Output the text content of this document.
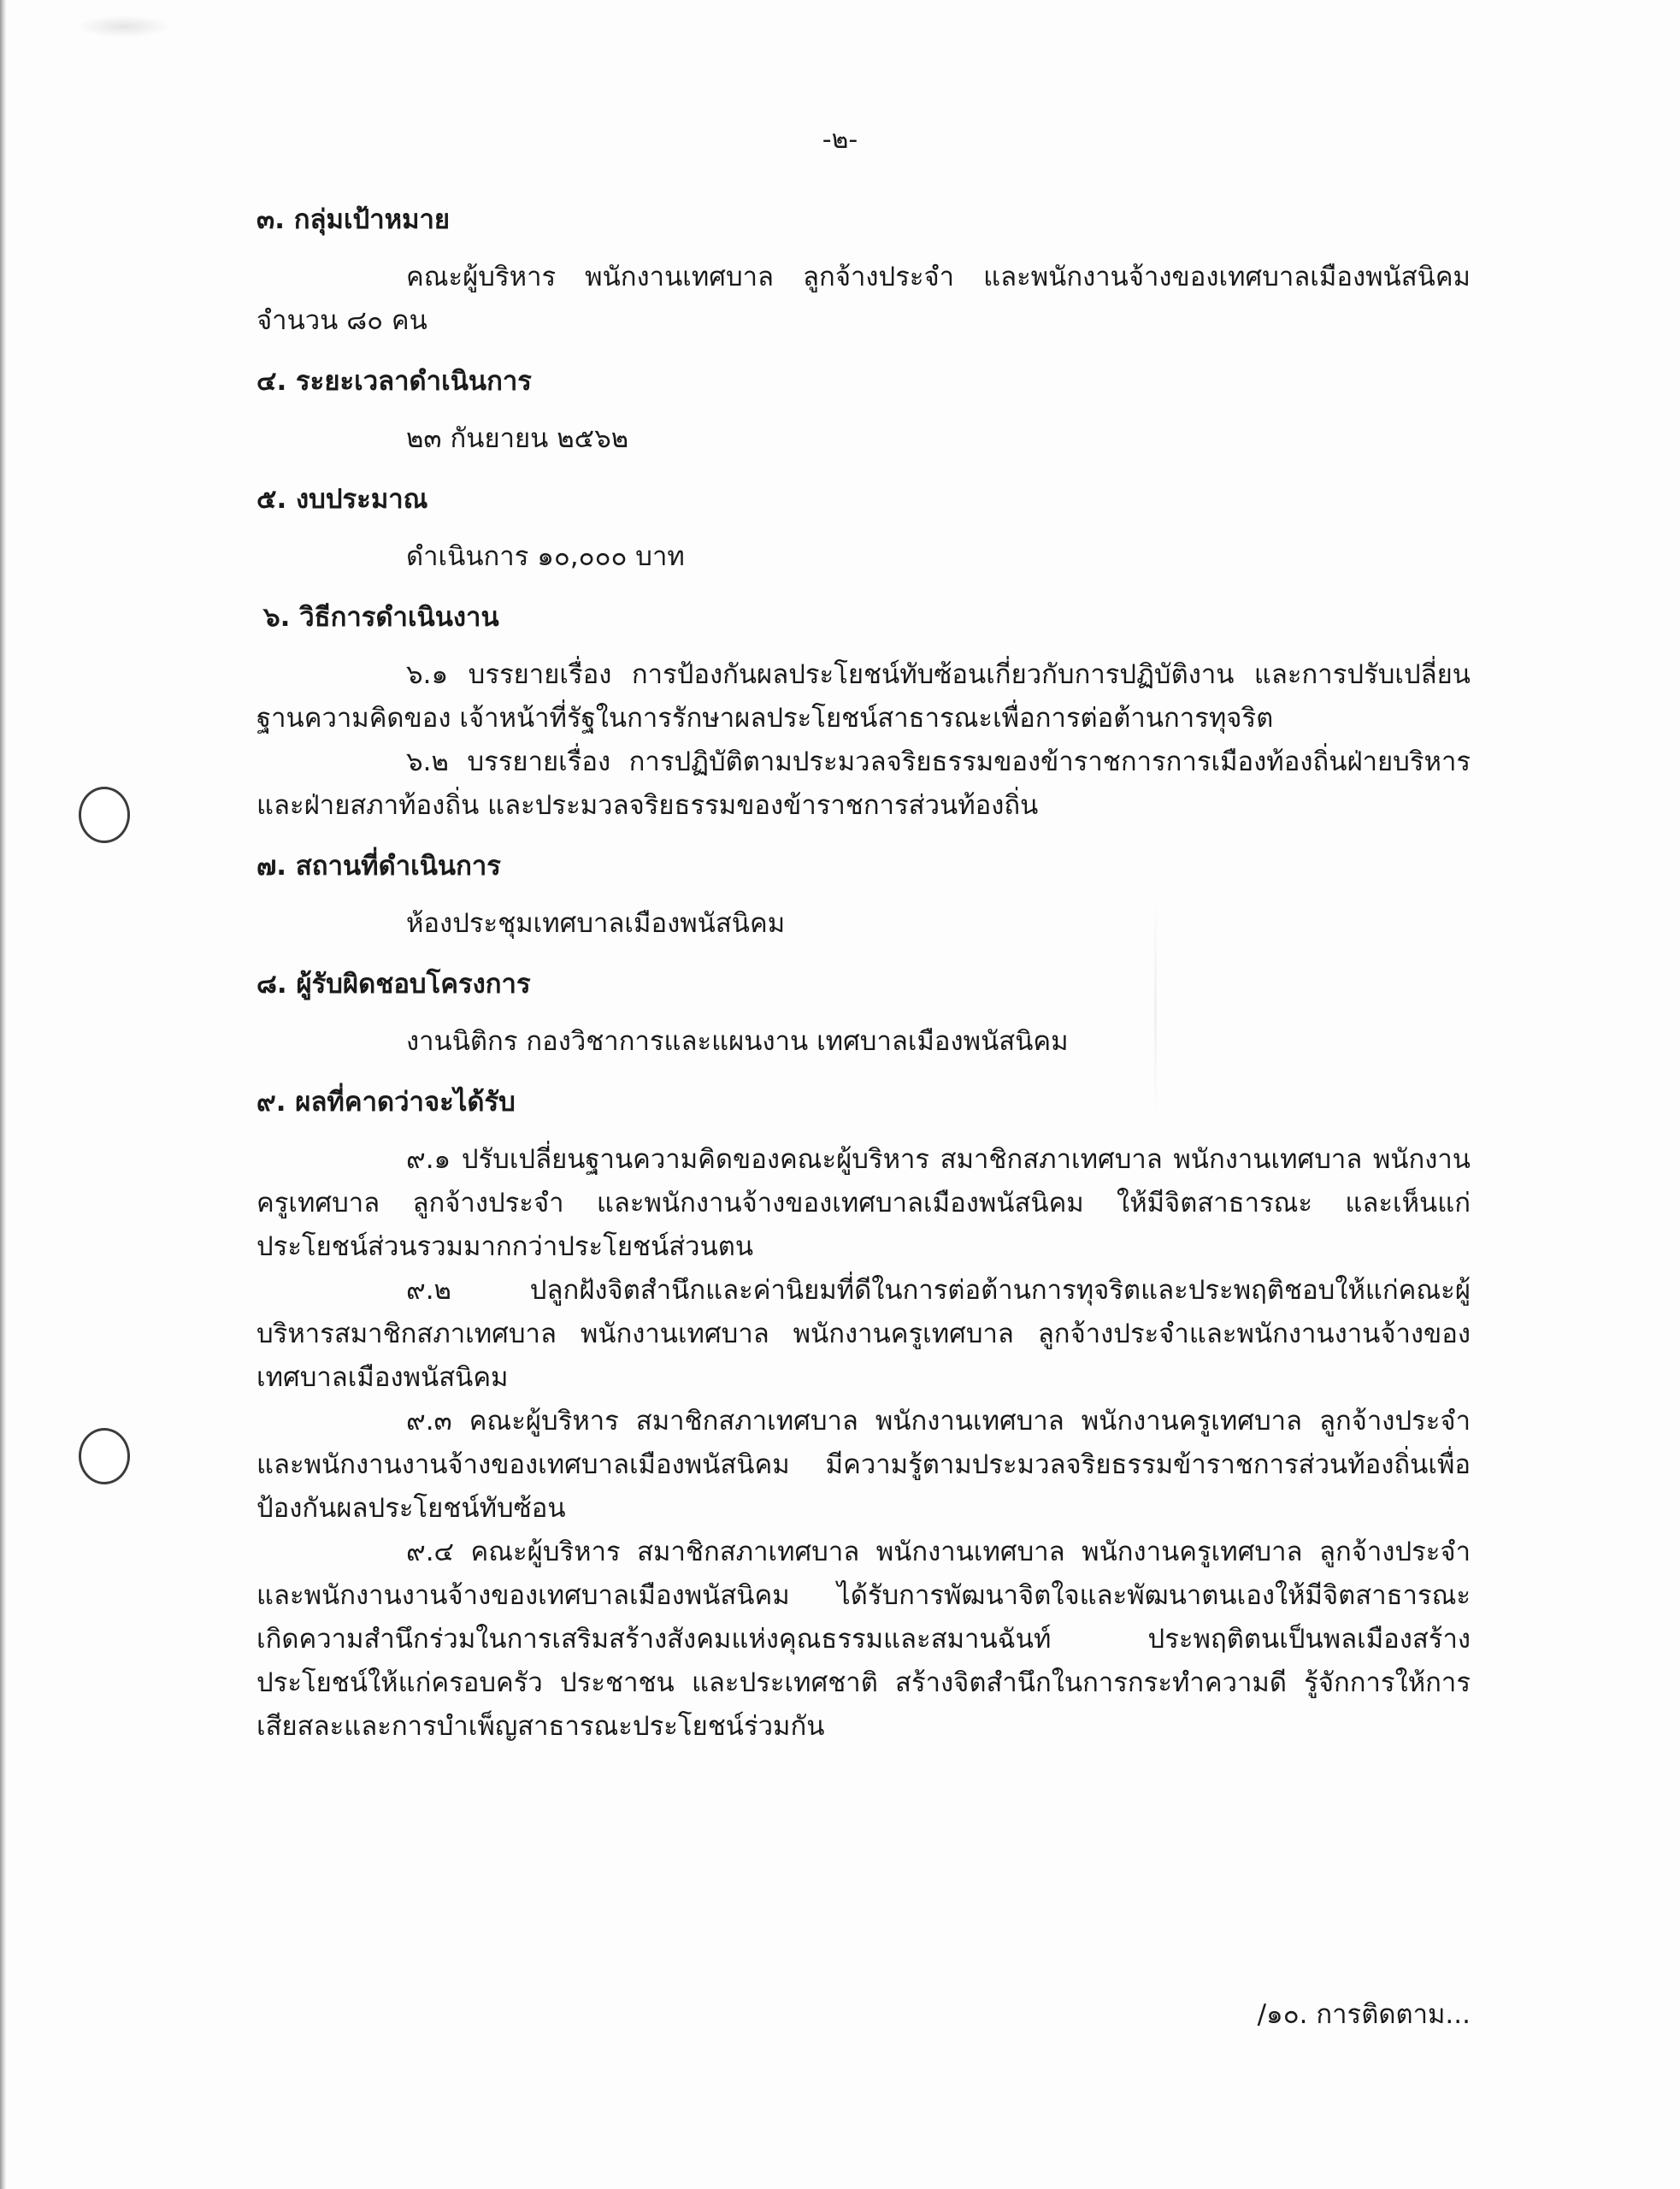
-๒-
๓. กลุ่มเป้าหมาย
คณะผู้บริหาร พนักงานเทศบาล ลูกจ้างประจำ และพนักงานจ้างของเทศบาลเมืองพนัสนิคม จำนวน ๘๐ คน
๔. ระยะเวลาดำเนินการ
๒๓ กันยายน ๒๕๖๒
๕. งบประมาณ
ดำเนินการ ๑๐,๐๐๐ บาท
๖. วิธีการดำเนินงาน
๖.๑ บรรยายเรื่อง การป้องกันผลประโยชน์ทับซ้อนเกี่ยวกับการปฏิบัติงาน และการปรับเปลี่ยนฐานความคิดของ เจ้าหน้าที่รัฐในการรักษาผลประโยชน์สาธารณะเพื่อการต่อต้านการทุจริต
๖.๒ บรรยายเรื่อง การปฏิบัติตามประมวลจริยธรรมของข้าราชการการเมืองท้องถิ่นฝ่ายบริหารและฝ่ายสภาท้องถิ่น และประมวลจริยธรรมของข้าราชการส่วนท้องถิ่น
๗. สถานที่ดำเนินการ
ห้องประชุมเทศบาลเมืองพนัสนิคม
๘. ผู้รับผิดชอบโครงการ
งานนิติกร กองวิชาการและแผนงาน เทศบาลเมืองพนัสนิคม
๙. ผลที่คาดว่าจะได้รับ
๙.๑ ปรับเปลี่ยนฐานความคิดของคณะผู้บริหาร สมาชิกสภาเทศบาล พนักงานเทศบาล พนักงานครูเทศบาล ลูกจ้างประจำ และพนักงานจ้างของเทศบาลเมืองพนัสนิคม ให้มีจิตสาธารณะ และเห็นแก่ประโยชน์ส่วนรวมมากกว่าประโยชน์ส่วนตน
๙.๒ ปลูกฝังจิตสำนึกและค่านิยมที่ดีในการต่อต้านการทุจริตและประพฤติชอบให้แก่คณะผู้บริหารสมาชิกสภาเทศบาล พนักงานเทศบาล พนักงานครูเทศบาล ลูกจ้างประจำและพนักงานงานจ้างของเทศบาลเมืองพนัสนิคม
๙.๓ คณะผู้บริหาร สมาชิกสภาเทศบาล พนักงานเทศบาล พนักงานครูเทศบาล ลูกจ้างประจำและพนักงานงานจ้างของเทศบาลเมืองพนัสนิคม มีความรู้ตามประมวลจริยธรรมข้าราชการส่วนท้องถิ่นเพื่อป้องกันผลประโยชน์ทับซ้อน
๙.๔ คณะผู้บริหาร สมาชิกสภาเทศบาล พนักงานเทศบาล พนักงานครูเทศบาล ลูกจ้างประจำและพนักงานงานจ้างของเทศบาลเมืองพนัสนิคม ได้รับการพัฒนาจิตใจและพัฒนาตนเองให้มีจิตสาธารณะเกิดความสำนึกร่วมในการเสริมสร้างสังคมแห่งคุณธรรมและสมานฉันท์ ประพฤติตนเป็นพลเมืองสร้างประโยชน์ให้แก่ครอบครัว ประชาชน และประเทศชาติ สร้างจิตสำนึกในการกระทำความดี รู้จักการให้การเสียสละและการบำเพ็ญสาธารณะประโยชน์ร่วมกัน
/๑๐. การติดตาม...
